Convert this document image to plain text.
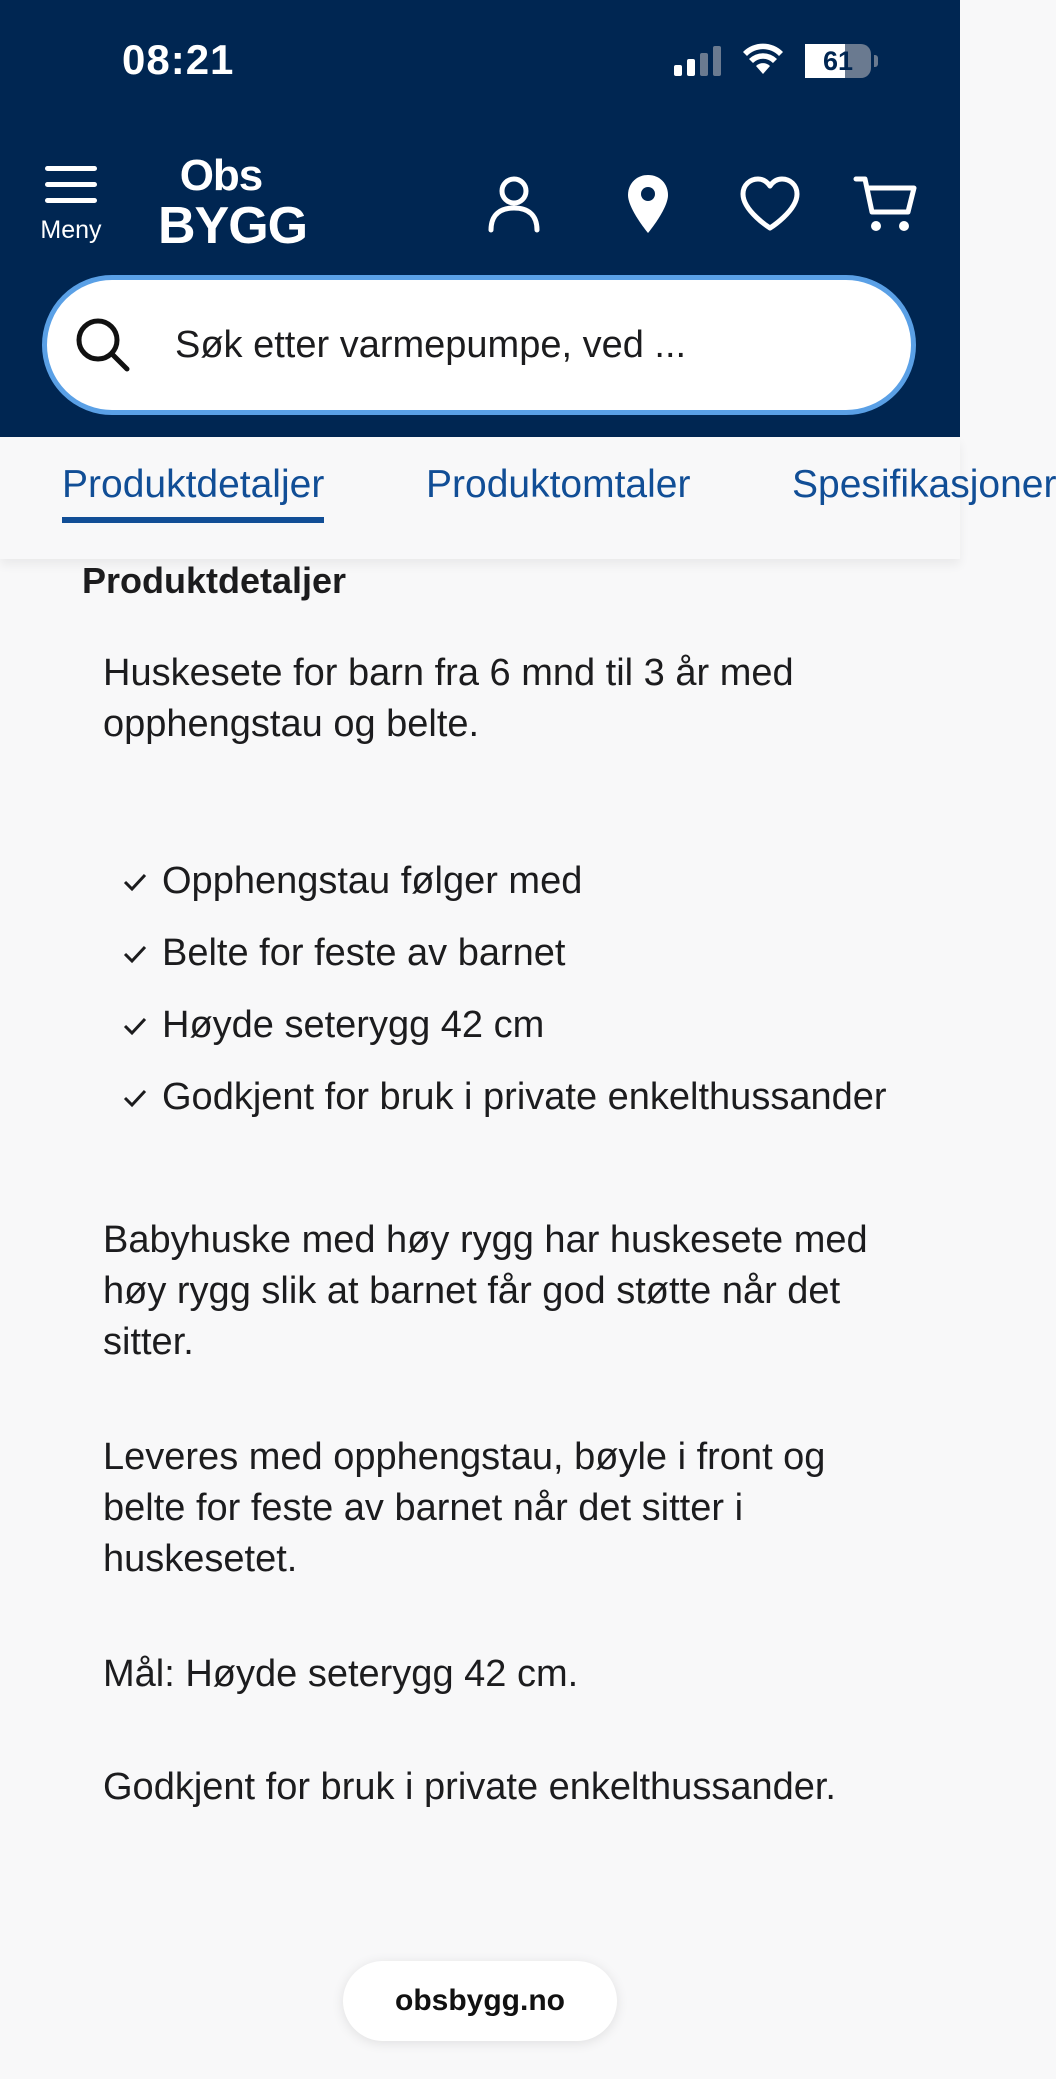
08:21	61
Meny
Obs
BYGG
Søk etter varmepumpe, ved ...
Produktdetaljer	Produktomtaler	Spesifikasjoner
Produktdetaljer

Huskesete for barn fra 6 mnd til 3 år med opphengstau og belte.

Opphengstau følger med
Belte for feste av barnet
Høyde seterygg 42 cm
Godkjent for bruk i private enkelthussander

Babyhuske med høy rygg har huskesete med høy rygg slik at barnet får god støtte når det sitter.

Leveres med opphengstau, bøyle i front og belte for feste av barnet når det sitter i huskesetet.

Mål: Høyde seterygg 42 cm.

Godkjent for bruk i private enkelthussander.

obsbygg.no
